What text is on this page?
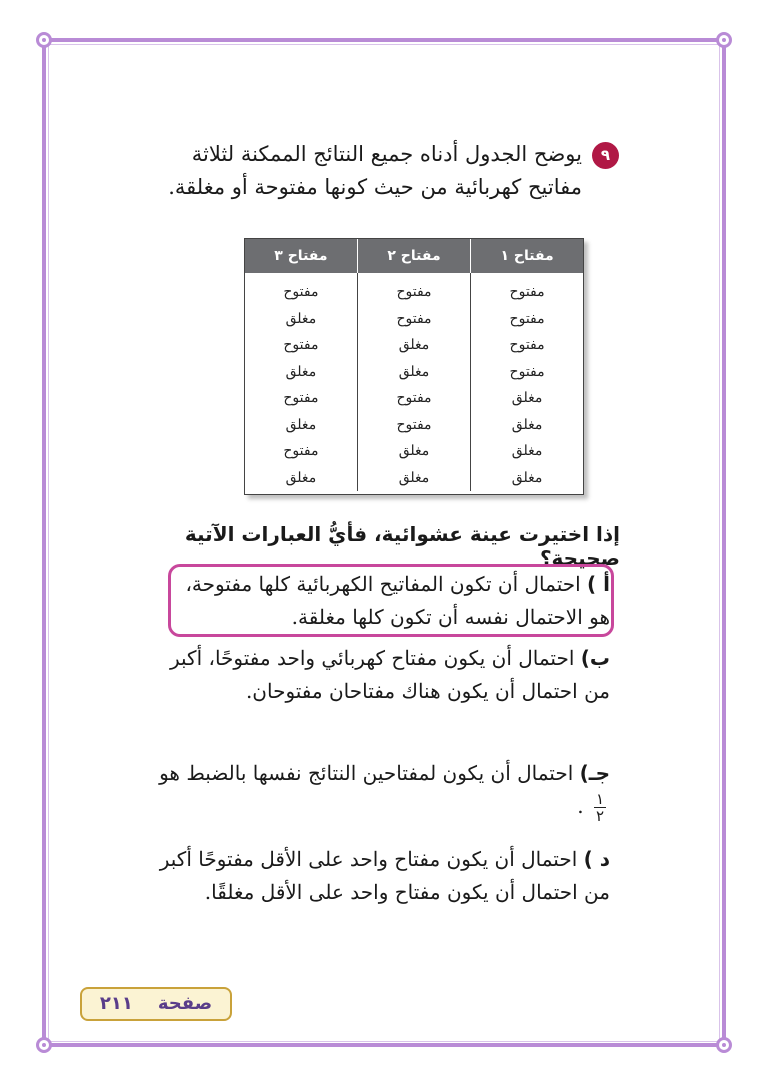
٩

يوضح الجدول أدناه جميع النتائج الممكنة لثلاثة مفاتيح كهربائية من حيث كونها مفتوحة أو مغلقة.

مفتاح ١	مفتاح ٢	مفتاح ٣
مفتوح	مفتوح	مفتوح
مفتوح	مفتوح	مغلق
مفتوح	مغلق	مفتوح
مفتوح	مغلق	مغلق
مغلق	مفتوح	مفتوح
مغلق	مفتوح	مغلق
مغلق	مغلق	مفتوح
مغلق	مغلق	مغلق

إذا اختيرت عينة عشوائية، فأيُّ العبارات الآتية صحيحة؟

أ ) احتمال أن تكون المفاتيح الكهربائية كلها مفتوحة، هو الاحتمال نفسه أن تكون كلها مغلقة.

ب) احتمال أن يكون مفتاح كهربائي واحد مفتوحًا، أكبر من احتمال أن يكون هناك مفتاحان مفتوحان.

جـ) احتمال أن يكون لمفتاحين النتائج نفسها بالضبط هو
$\frac{١}{٢}$
.

د ) احتمال أن يكون مفتاح واحد على الأقل مفتوحًا أكبر من احتمال أن يكون مفتاح واحد على الأقل مغلقًا.

صفحة    ٢١١
